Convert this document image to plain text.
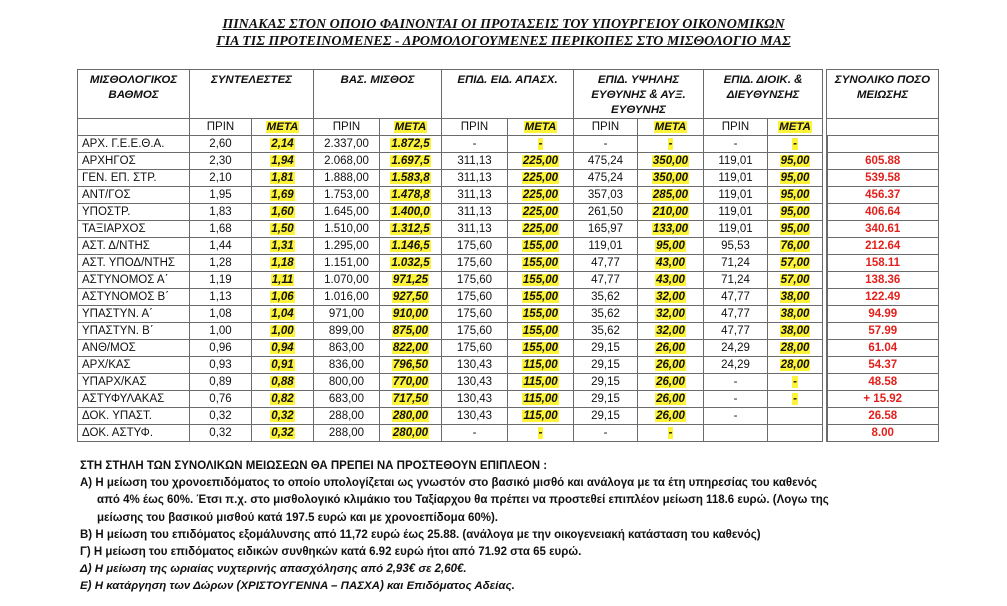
ΠΙΝΑΚΑΣ ΣΤΟΝ ΟΠΟΙΟ ΦΑΙΝΟΝΤΑΙ ΟΙ ΠΡΟΤΑΣΕΙΣ ΤΟΥ ΥΠΟΥΡΓΕΙΟΥ ΟΙΚΟΝΟΜΙΚΩΝ
ΓΙΑ ΤΙΣ ΠΡΟΤΕΙΝΟΜΕΝΕΣ - ΔΡΟΜΟΛΟΓΟΥΜΕΝΕΣ ΠΕΡΙΚΟΠΕΣ ΣΤΟ ΜΙΣΘΟΛΟΓΙΟ ΜΑΣ
ΜΙΣΘΟΛΟΓΙΚΟΣ ΒΑΘΜΟΣ	ΣΥΝΤΕΛΕΣΤΕΣ		ΒΑΣ. ΜΙΣΘΟΣ		ΕΠΙΔ. ΕΙΔ. ΑΠΑΣΧ.		ΕΠΙΔ. ΥΨΗΛΗΣ ΕΥΘΥΝΗΣ & ΑΥΞ. ΕΥΘΥΝΗΣ		ΕΠΙΔ. ΔΙΟΙΚ. & ΔΙΕΥΘΥΝΣΗΣ			ΣΥΝΟΛΙΚΟ ΠΟΣΟ ΜΕΙΩΣΗΣ
	ΠΡΙΝ	ΜΕΤΑ	ΠΡΙΝ	ΜΕΤΑ	ΠΡΙΝ	ΜΕΤΑ	ΠΡΙΝ	ΜΕΤΑ	ΠΡΙΝ	ΜΕΤΑ		
ΑΡΧ. Γ.Ε.Ε.Θ.Α.	2,60	2,14	2.337,00	1.872,5	-	-	-	-	-	-		
ΑΡΧΗΓΟΣ	2,30	1,94	2.068,00	1.697,5	311,13	225,00	475,24	350,00	119,01	95,00		605.88
ΓΕΝ. ΕΠ. ΣΤΡ.	2,10	1,81	1.888,00	1.583,8	311,13	225,00	475,24	350,00	119,01	95,00		539.58
ΑΝΤ/ΓΟΣ	1,95	1,69	1.753,00	1.478,8	311,13	225,00	357,03	285,00	119,01	95,00		456.37
ΥΠΟΣΤΡ.	1,83	1,60	1.645,00	1.400,0	311,13	225,00	261,50	210,00	119,01	95,00		406.64
ΤΑΞΙΑΡΧΟΣ	1,68	1,50	1.510,00	1.312,5	311,13	225,00	165,97	133,00	119,01	95,00		340.61
ΑΣΤ. Δ/ΝΤΗΣ	1,44	1,31	1.295,00	1.146,5	175,60	155,00	119,01	95,00	95,53	76,00		212.64
ΑΣΤ. ΥΠΟΔ/ΝΤΗΣ	1,28	1,18	1.151,00	1.032,5	175,60	155,00	47,77	43,00	71,24	57,00		158.11
ΑΣΤΥΝΟΜΟΣ Α΄	1,19	1,11	1.070,00	971,25	175,60	155,00	47,77	43,00	71,24	57,00		138.36
ΑΣΤΥΝΟΜΟΣ Β΄	1,13	1,06	1.016,00	927,50	175,60	155,00	35,62	32,00	47,77	38,00		122.49
ΥΠΑΣΤΥΝ. Α΄	1,08	1,04	971,00	910,00	175,60	155,00	35,62	32,00	47,77	38,00		94.99
ΥΠΑΣΤΥΝ. Β΄	1,00	1,00	899,00	875,00	175,60	155,00	35,62	32,00	47,77	38,00		57.99
ΑΝΘ/ΜΟΣ	0,96	0,94	863,00	822,00	175,60	155,00	29,15	26,00	24,29	28,00		61.04
ΑΡΧ/ΚΑΣ	0,93	0,91	836,00	796,50	130,43	115,00	29,15	26,00	24,29	28,00		54.37
ΥΠΑΡΧ/ΚΑΣ	0,89	0,88	800,00	770,00	130,43	115,00	29,15	26,00	-	-		48.58
ΑΣΤΥΦΥΛΑΚΑΣ	0,76	0,82	683,00	717,50	130,43	115,00	29,15	26,00	-	-		+ 15.92
ΔΟΚ. ΥΠΑΣΤ.	0,32	0,32	288,00	280,00	130,43	115,00	29,15	26,00	-			26.58
ΔΟΚ. ΑΣΤΥΦ.	0,32	0,32	288,00	280,00	-	-	-	-				8.00
ΣΤΗ ΣΤΗΛΗ ΤΩΝ ΣΥΝΟΛΙΚΩΝ ΜΕΙΩΣΕΩΝ ΘΑ ΠΡΕΠΕΙ ΝΑ ΠΡΟΣΤΕΘΟΥΝ ΕΠΙΠΛΕΟΝ :
Α) Η μείωση του χρονοεπιδόματος το οποίο υπολογίζεται ως γνωστόν στο βασικό μισθό και ανάλογα με τα έτη υπηρεσίας του καθενός
από 4% έως 60%. Έτσι π.χ. στο μισθολογικό κλιμάκιο του Ταξίαρχου θα πρέπει να προστεθεί επιπλέον μείωση 118.6 ευρώ. (Λογω της
μείωσης του βασικού μισθού κατά 197.5 ευρώ και με χρονοεπίδομα 60%).
Β) Η μείωση του επιδόματος εξομάλυνσης από 11,72 ευρώ έως 25.88. (ανάλογα με την οικογενειακή κατάσταση του καθενός)
Γ) Η μείωση του επιδόματος ειδικών συνθηκών κατά 6.92 ευρώ ήτοι από 71.92 στα 65 ευρώ.
Δ) Η μείωση της ωριαίας νυχτερινής απασχόλησης από 2,93€ σε 2,60€.
Ε) Η κατάργηση των Δώρων (ΧΡΙΣΤΟΥΓΕΝΝΑ – ΠΑΣΧΑ) και Επιδόματος Αδείας.
